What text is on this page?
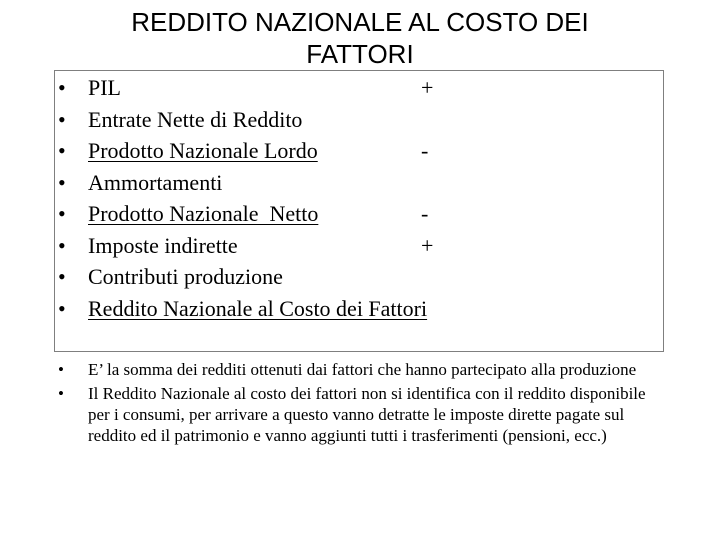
REDDITO NAZIONALE AL COSTO DEI
FATTORI
• PIL	+
• Entrate Nette di Reddito
• Prodotto Nazionale Lordo	-
• Ammortamenti
• Prodotto Nazionale  Netto	-
• Imposte indirette	+
• Contributi produzione
• Reddito Nazionale al Costo dei Fattori
• E’ la somma dei redditi ottenuti dai fattori che hanno partecipato alla produzione
• Il Reddito Nazionale al costo dei fattori non si identifica con il reddito disponibile per i consumi, per arrivare a questo vanno detratte le imposte dirette pagate sul reddito ed il patrimonio e vanno aggiunti tutti i trasferimenti (pensioni, ecc.)
